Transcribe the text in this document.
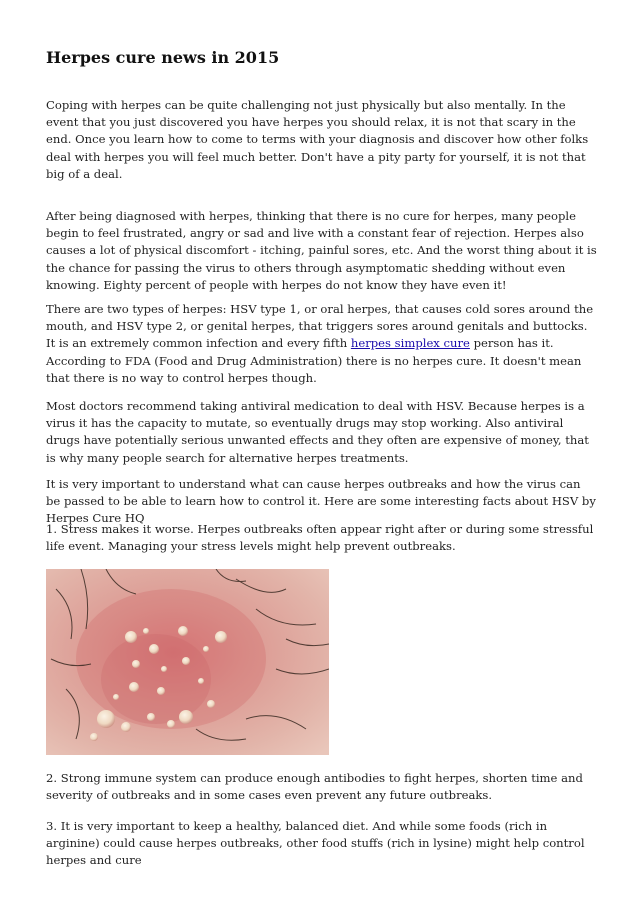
Herpes cure news in 2015

Coping with herpes can be quite challenging not just physically but also mentally. In the event that you just discovered you have herpes you should relax, it is not that scary in the end. Once you learn how to come to terms with your diagnosis and discover how other folks deal with herpes you will feel much better. Don't have a pity party for yourself, it is not that big of a deal.

After being diagnosed with herpes, thinking that there is no cure for herpes, many people begin to feel frustrated, angry or sad and live with a constant fear of rejection. Herpes also causes a lot of physical discomfort - itching, painful sores, etc. And the worst thing about it is the chance for passing the virus to others through asymptomatic shedding without even knowing. Eighty percent of people with herpes do not know they have even it!

There are two types of herpes: HSV type 1, or oral herpes, that causes cold sores around the mouth, and HSV type 2, or genital herpes, that triggers sores around genitals and buttocks. It is an extremely common infection and every fifth herpes simplex cure person has it. According to FDA (Food and Drug Administration) there is no herpes cure. It doesn't mean that there is no way to control herpes though.

Most doctors recommend taking antiviral medication to deal with HSV. Because herpes is a virus it has the capacity to mutate, so eventually drugs may stop working. Also antiviral drugs have potentially serious unwanted effects and they often are expensive of money, that is why many people search for alternative herpes treatments.

It is very important to understand what can cause herpes outbreaks and how the virus can be passed to be able to learn how to control it. Here are some interesting facts about HSV by Herpes Cure HQ

1. Stress makes it worse. Herpes outbreaks often appear right after or during some stressful life event. Managing your stress levels might help prevent outbreaks.

2. Strong immune system can produce enough antibodies to fight herpes, shorten time and severity of outbreaks and in some cases even prevent any future outbreaks.

3. It is very important to keep a healthy, balanced diet. And while some foods (rich in arginine) could cause herpes outbreaks, other food stuffs (rich in lysine) might help control herpes and cure
